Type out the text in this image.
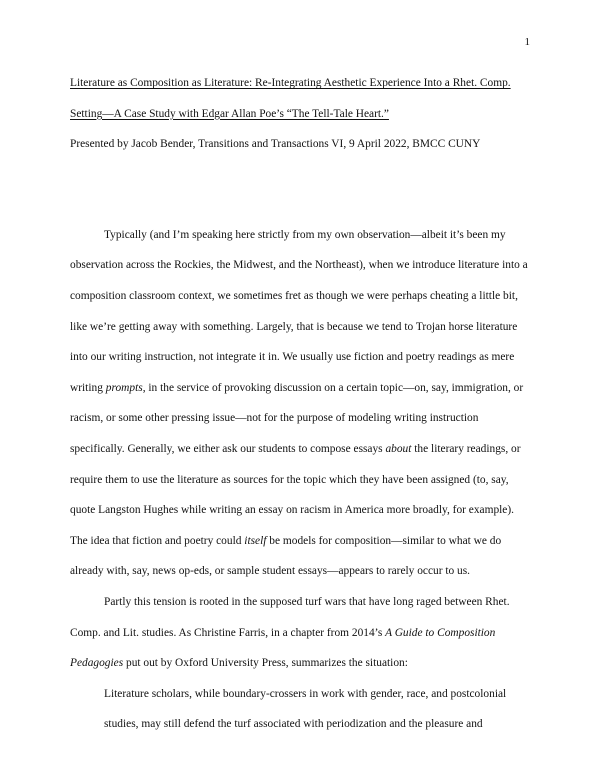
1
Literature as Composition as Literature: Re-Integrating Aesthetic Experience Into a Rhet. Comp. Setting—A Case Study with Edgar Allan Poe’s “The Tell-Tale Heart.”

Presented by Jacob Bender, Transitions and Transactions VI, 9 April 2022, BMCC CUNY

Typically (and I’m speaking here strictly from my own observation—albeit it’s been my observation across the Rockies, the Midwest, and the Northeast), when we introduce literature into a composition classroom context, we sometimes fret as though we were perhaps cheating a little bit, like we’re getting away with something. Largely, that is because we tend to Trojan horse literature into our writing instruction, not integrate it in. We usually use fiction and poetry readings as mere writing prompts, in the service of provoking discussion on a certain topic—on, say, immigration, or racism, or some other pressing issue—not for the purpose of modeling writing instruction specifically. Generally, we either ask our students to compose essays about the literary readings, or require them to use the literature as sources for the topic which they have been assigned (to, say, quote Langston Hughes while writing an essay on racism in America more broadly, for example). The idea that fiction and poetry could itself be models for composition—similar to what we do already with, say, news op-eds, or sample student essays—appears to rarely occur to us.

Partly this tension is rooted in the supposed turf wars that have long raged between Rhet. Comp. and Lit. studies. As Christine Farris, in a chapter from 2014’s A Guide to Composition Pedagogies put out by Oxford University Press, summarizes the situation:

Literature scholars, while boundary-crossers in work with gender, race, and postcolonial studies, may still defend the turf associated with periodization and the pleasure and
